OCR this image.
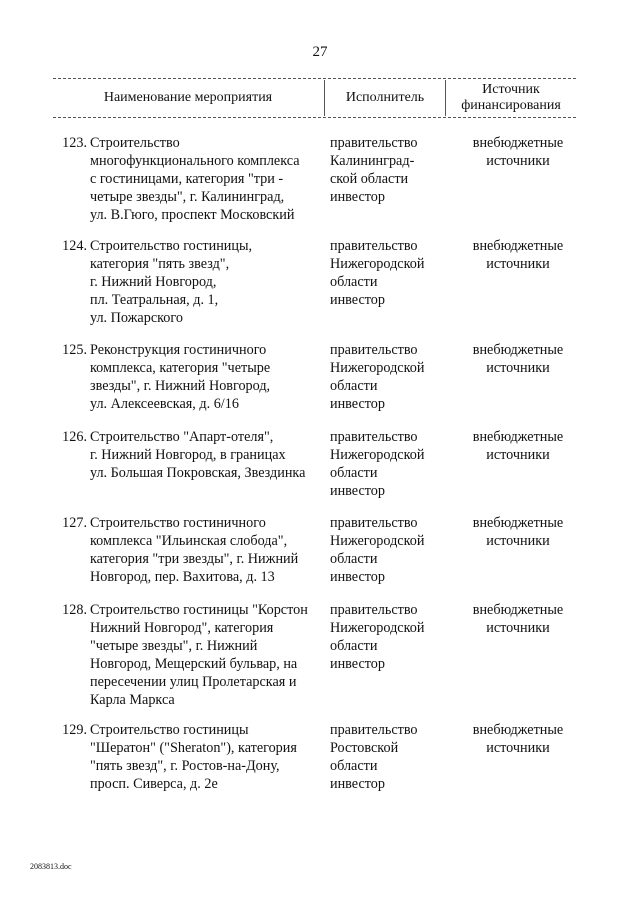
27
Наименование мероприятия	Исполнитель
Источник
финансирования
123. Строительство
многофункционального комплекса
с гостиницами, категория "три -
четыре звезды", г. Калининград,
ул. В.Гюго, проспект Московский
правительство
Калининград-
ской области
инвестор
внебюджетные
источники
124. Строительство гостиницы,
категория "пять звезд",
г. Нижний Новгород,
пл. Театральная, д. 1,
ул. Пожарского
правительство
Нижегородской
области
инвестор
внебюджетные
источники
125. Реконструкция гостиничного
комплекса, категория "четыре
звезды", г. Нижний Новгород,
ул. Алексеевская, д. 6/16
правительство
Нижегородской
области
инвестор
внебюджетные
источники
126. Строительство "Апарт-отеля",
г. Нижний Новгород, в границах
ул. Большая Покровская, Звездинка
правительство
Нижегородской
области
инвестор
внебюджетные
источники
127. Строительство гостиничного
комплекса "Ильинская слобода",
категория "три звезды", г. Нижний
Новгород, пер. Вахитова, д. 13
правительство
Нижегородской
области
инвестор
внебюджетные
источники
128. Строительство гостиницы "Корстон
Нижний Новгород", категория
"четыре звезды", г. Нижний
Новгород, Мещерский бульвар, на
пересечении улиц Пролетарская и
Карла Маркса
правительство
Нижегородской
области
инвестор
внебюджетные
источники
129. Строительство гостиницы
"Шератон" ("Sheraton"), категория
"пять звезд", г. Ростов-на-Дону,
просп. Сиверса, д. 2е
правительство
Ростовской
области
инвестор
внебюджетные
источники
2083813.doc
